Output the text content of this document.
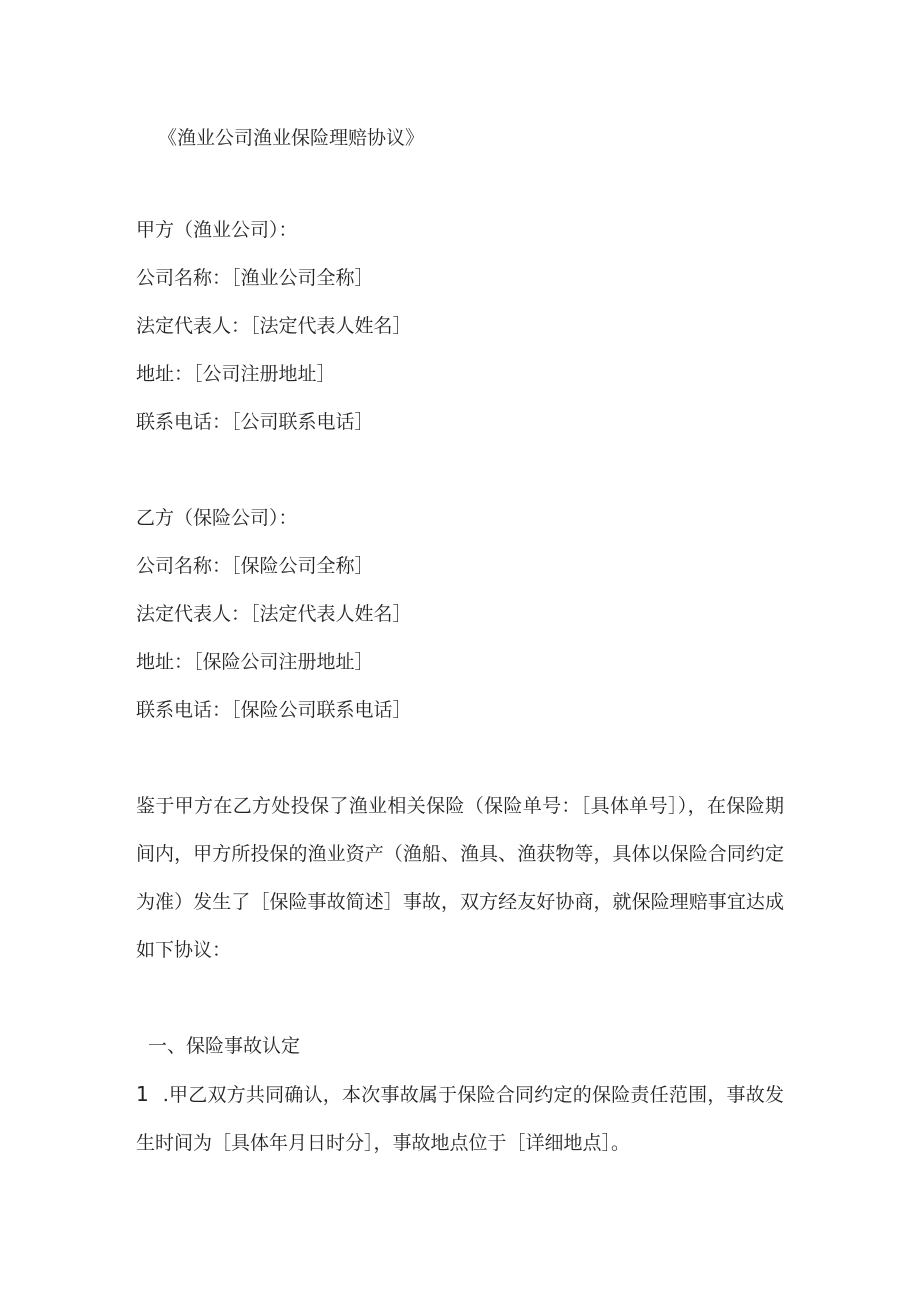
《渔业公司渔业保险理赔协议》
甲方（渔业公司）：
公司名称：［渔业公司全称］
法定代表人：［法定代表人姓名］
地址：［公司注册地址］
联系电话：［公司联系电话］
乙方（保险公司）：
公司名称：［保险公司全称］
法定代表人：［法定代表人姓名］
地址：［保险公司注册地址］
联系电话：［保险公司联系电话］
鉴于甲方在乙方处投保了渔业相关保险（保险单号：［具体单号］），在保险期间内，甲方所投保的渔业资产（渔船、渔具、渔获物等，具体以保险合同约定为准）发生了［保险事故简述］事故，双方经友好协商，就保险理赔事宜达成如下协议：
一、保险事故认定
1 .甲乙双方共同确认，本次事故属于保险合同约定的保险责任范围，事故发生时间为［具体年月日时分］，事故地点位于［详细地点］。
